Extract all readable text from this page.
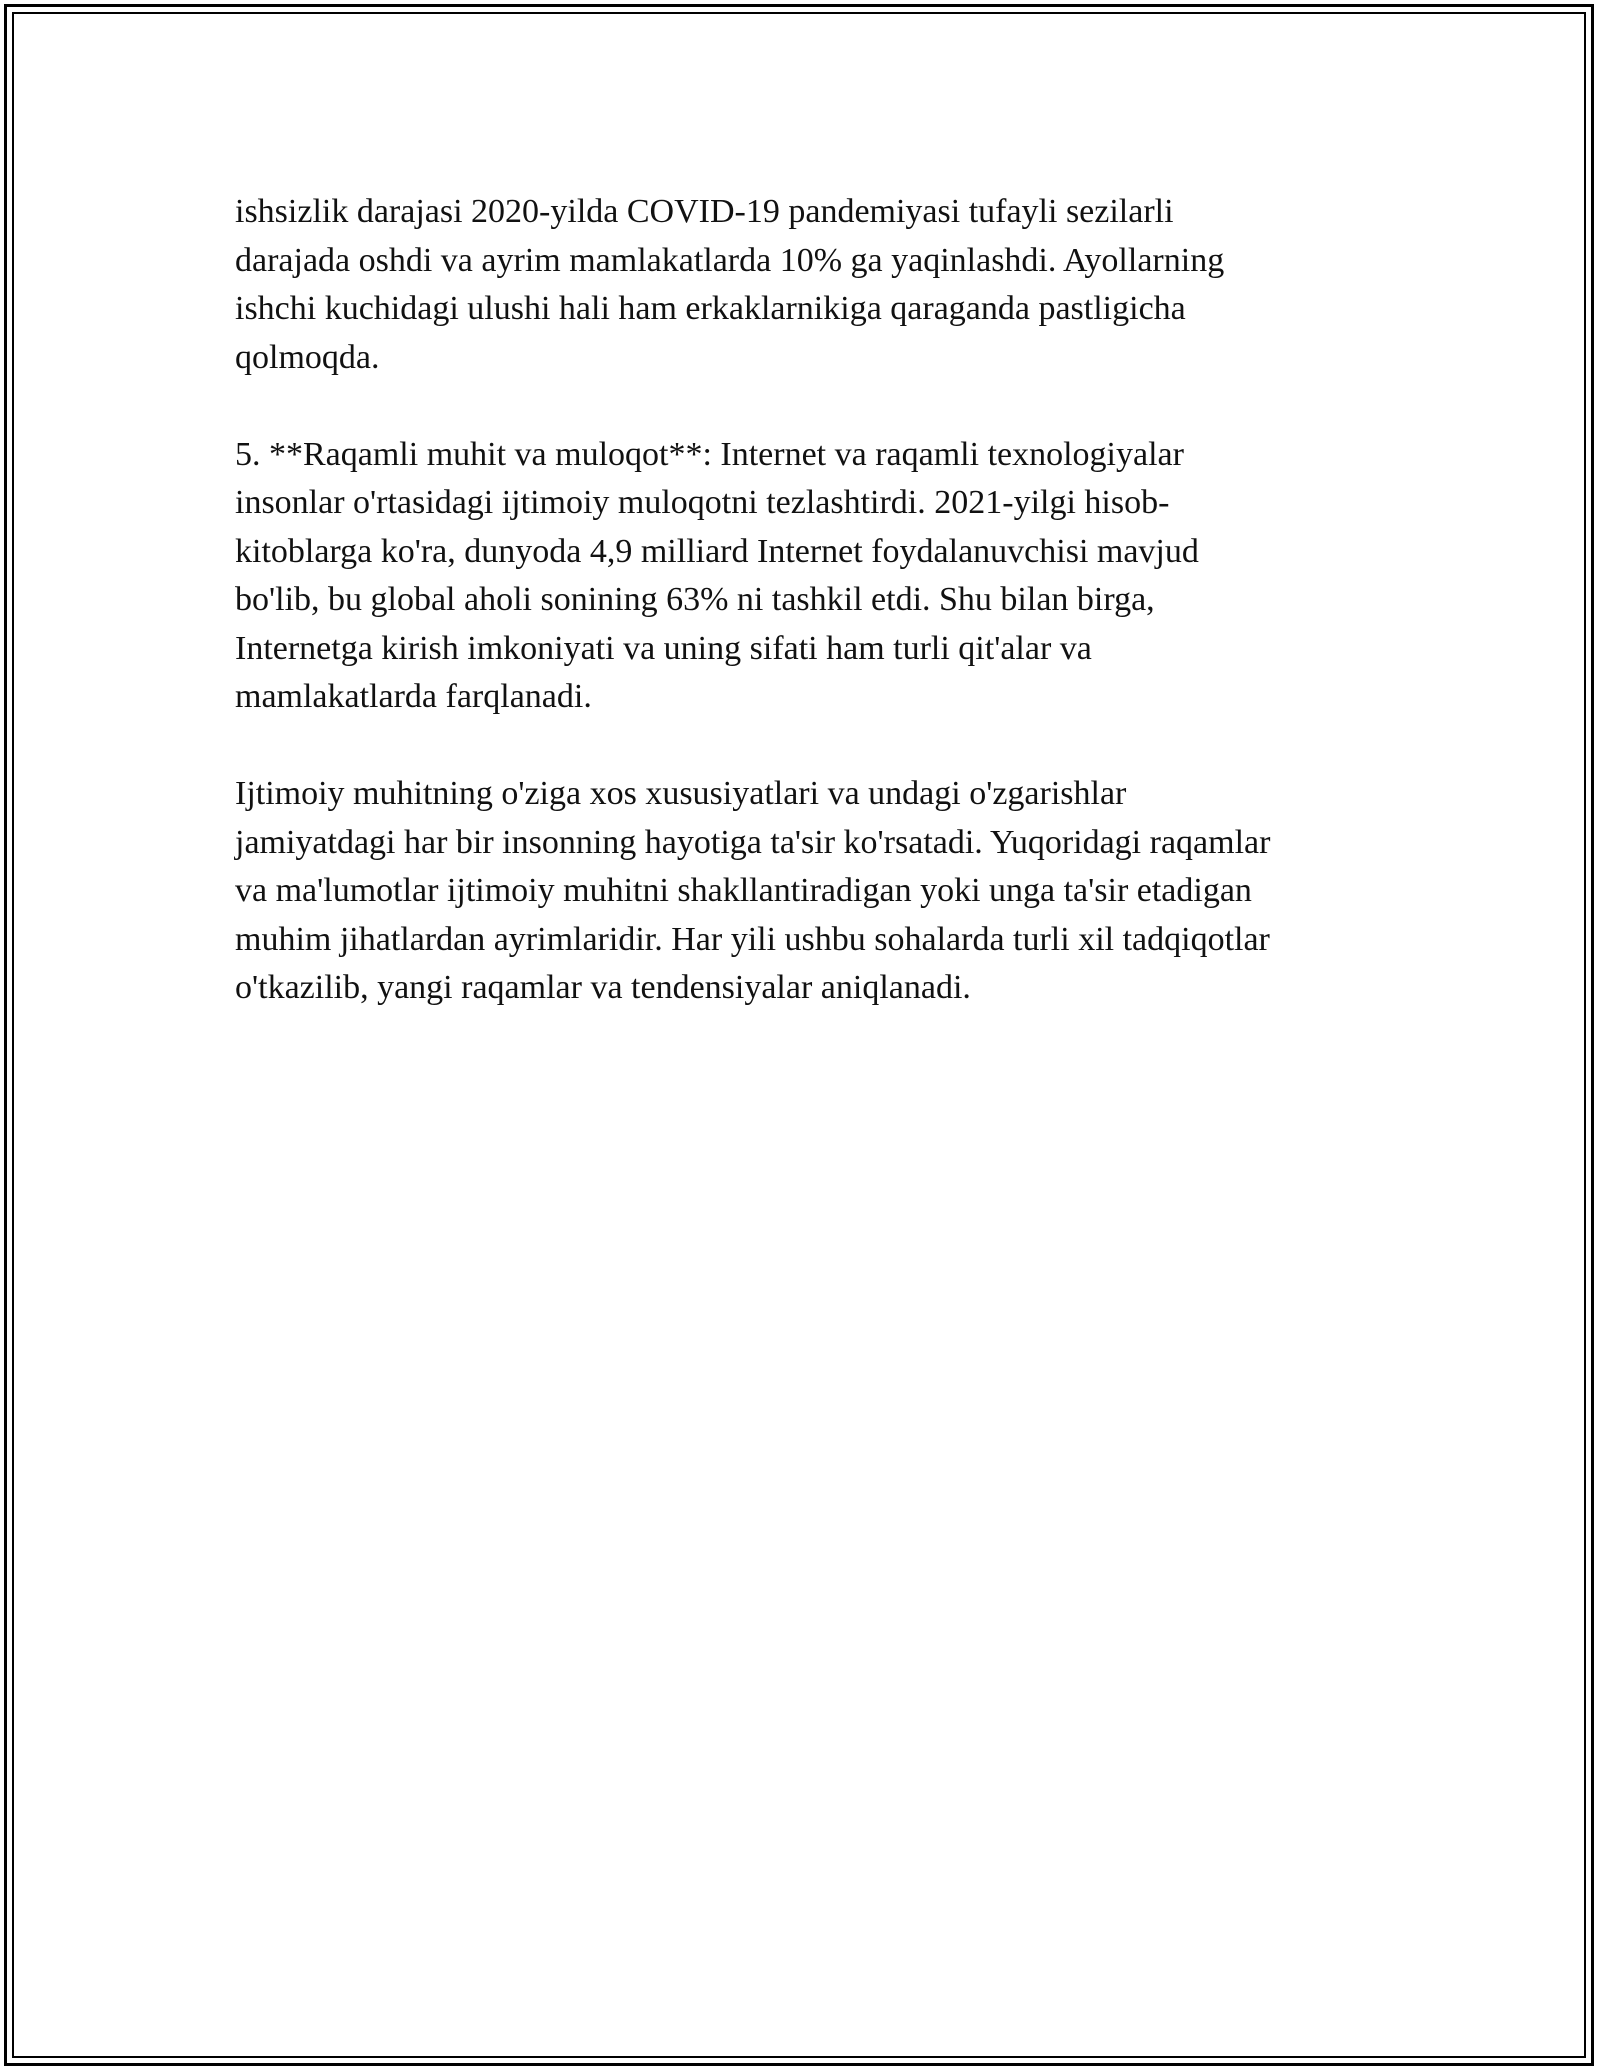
ishsizlik darajasi 2020-yilda COVID-19 pandemiyasi tufayli sezilarli
darajada oshdi va ayrim mamlakatlarda 10% ga yaqinlashdi. Ayollarning
ishchi kuchidagi ulushi hali ham erkaklarnikiga qaraganda pastligicha
qolmoqda.

5. **Raqamli muhit va muloqot**: Internet va raqamli texnologiyalar
insonlar o'rtasidagi ijtimoiy muloqotni tezlashtirdi. 2021-yilgi hisob-
kitoblarga ko'ra, dunyoda 4,9 milliard Internet foydalanuvchisi mavjud
bo'lib, bu global aholi sonining 63% ni tashkil etdi. Shu bilan birga,
Internetga kirish imkoniyati va uning sifati ham turli qit'alar va
mamlakatlarda farqlanadi.

Ijtimoiy muhitning o'ziga xos xususiyatlari va undagi o'zgarishlar
jamiyatdagi har bir insonning hayotiga ta'sir ko'rsatadi. Yuqoridagi raqamlar
va ma'lumotlar ijtimoiy muhitni shakllantiradigan yoki unga ta'sir etadigan
muhim jihatlardan ayrimlaridir. Har yili ushbu sohalarda turli xil tadqiqotlar
o'tkazilib, yangi raqamlar va tendensiyalar aniqlanadi.
